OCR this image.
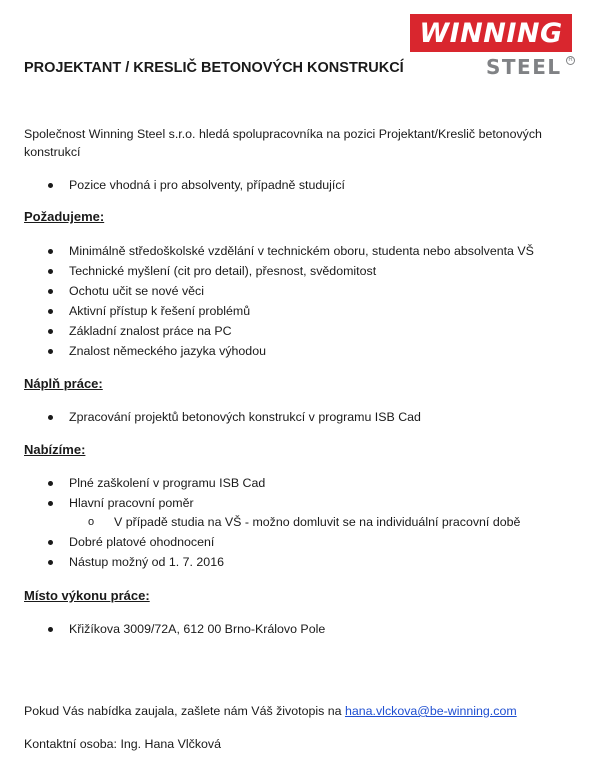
WINNING
STEEL	R
PROJEKTANT / KRESLIČ BETONOVÝCH KONSTRUKCÍ
Společnost Winning Steel s.r.o. hledá spolupracovníka na pozici Projektant/Kreslič betonových konstrukcí
Pozice vhodná i pro absolventy, případně studující
Požadujeme:
Minimálně středoškolské vzdělání v technickém oboru, studenta nebo absolventa VŠ
Technické myšlení (cit pro detail), přesnost, svědomitost
Ochotu učit se nové věci
Aktivní přístup k řešení problémů
Základní znalost práce na PC
Znalost německého jazyka výhodou
Náplň práce:
Zpracování projektů betonových konstrukcí v programu ISB Cad
Nabízíme:
Plné zaškolení v programu ISB Cad
Hlavní pracovní poměr
o V případě studia na VŠ - možno domluvit se na individuální pracovní době
Dobré platové ohodnocení
Nástup možný od 1. 7. 2016
Místo výkonu práce:
Křižíkova 3009/72A, 612 00 Brno-Královo Pole
Pokud Vás nabídka zaujala, zašlete nám Váš životopis na hana.vlckova@be-winning.com
Kontaktní osoba: Ing. Hana Vlčková
